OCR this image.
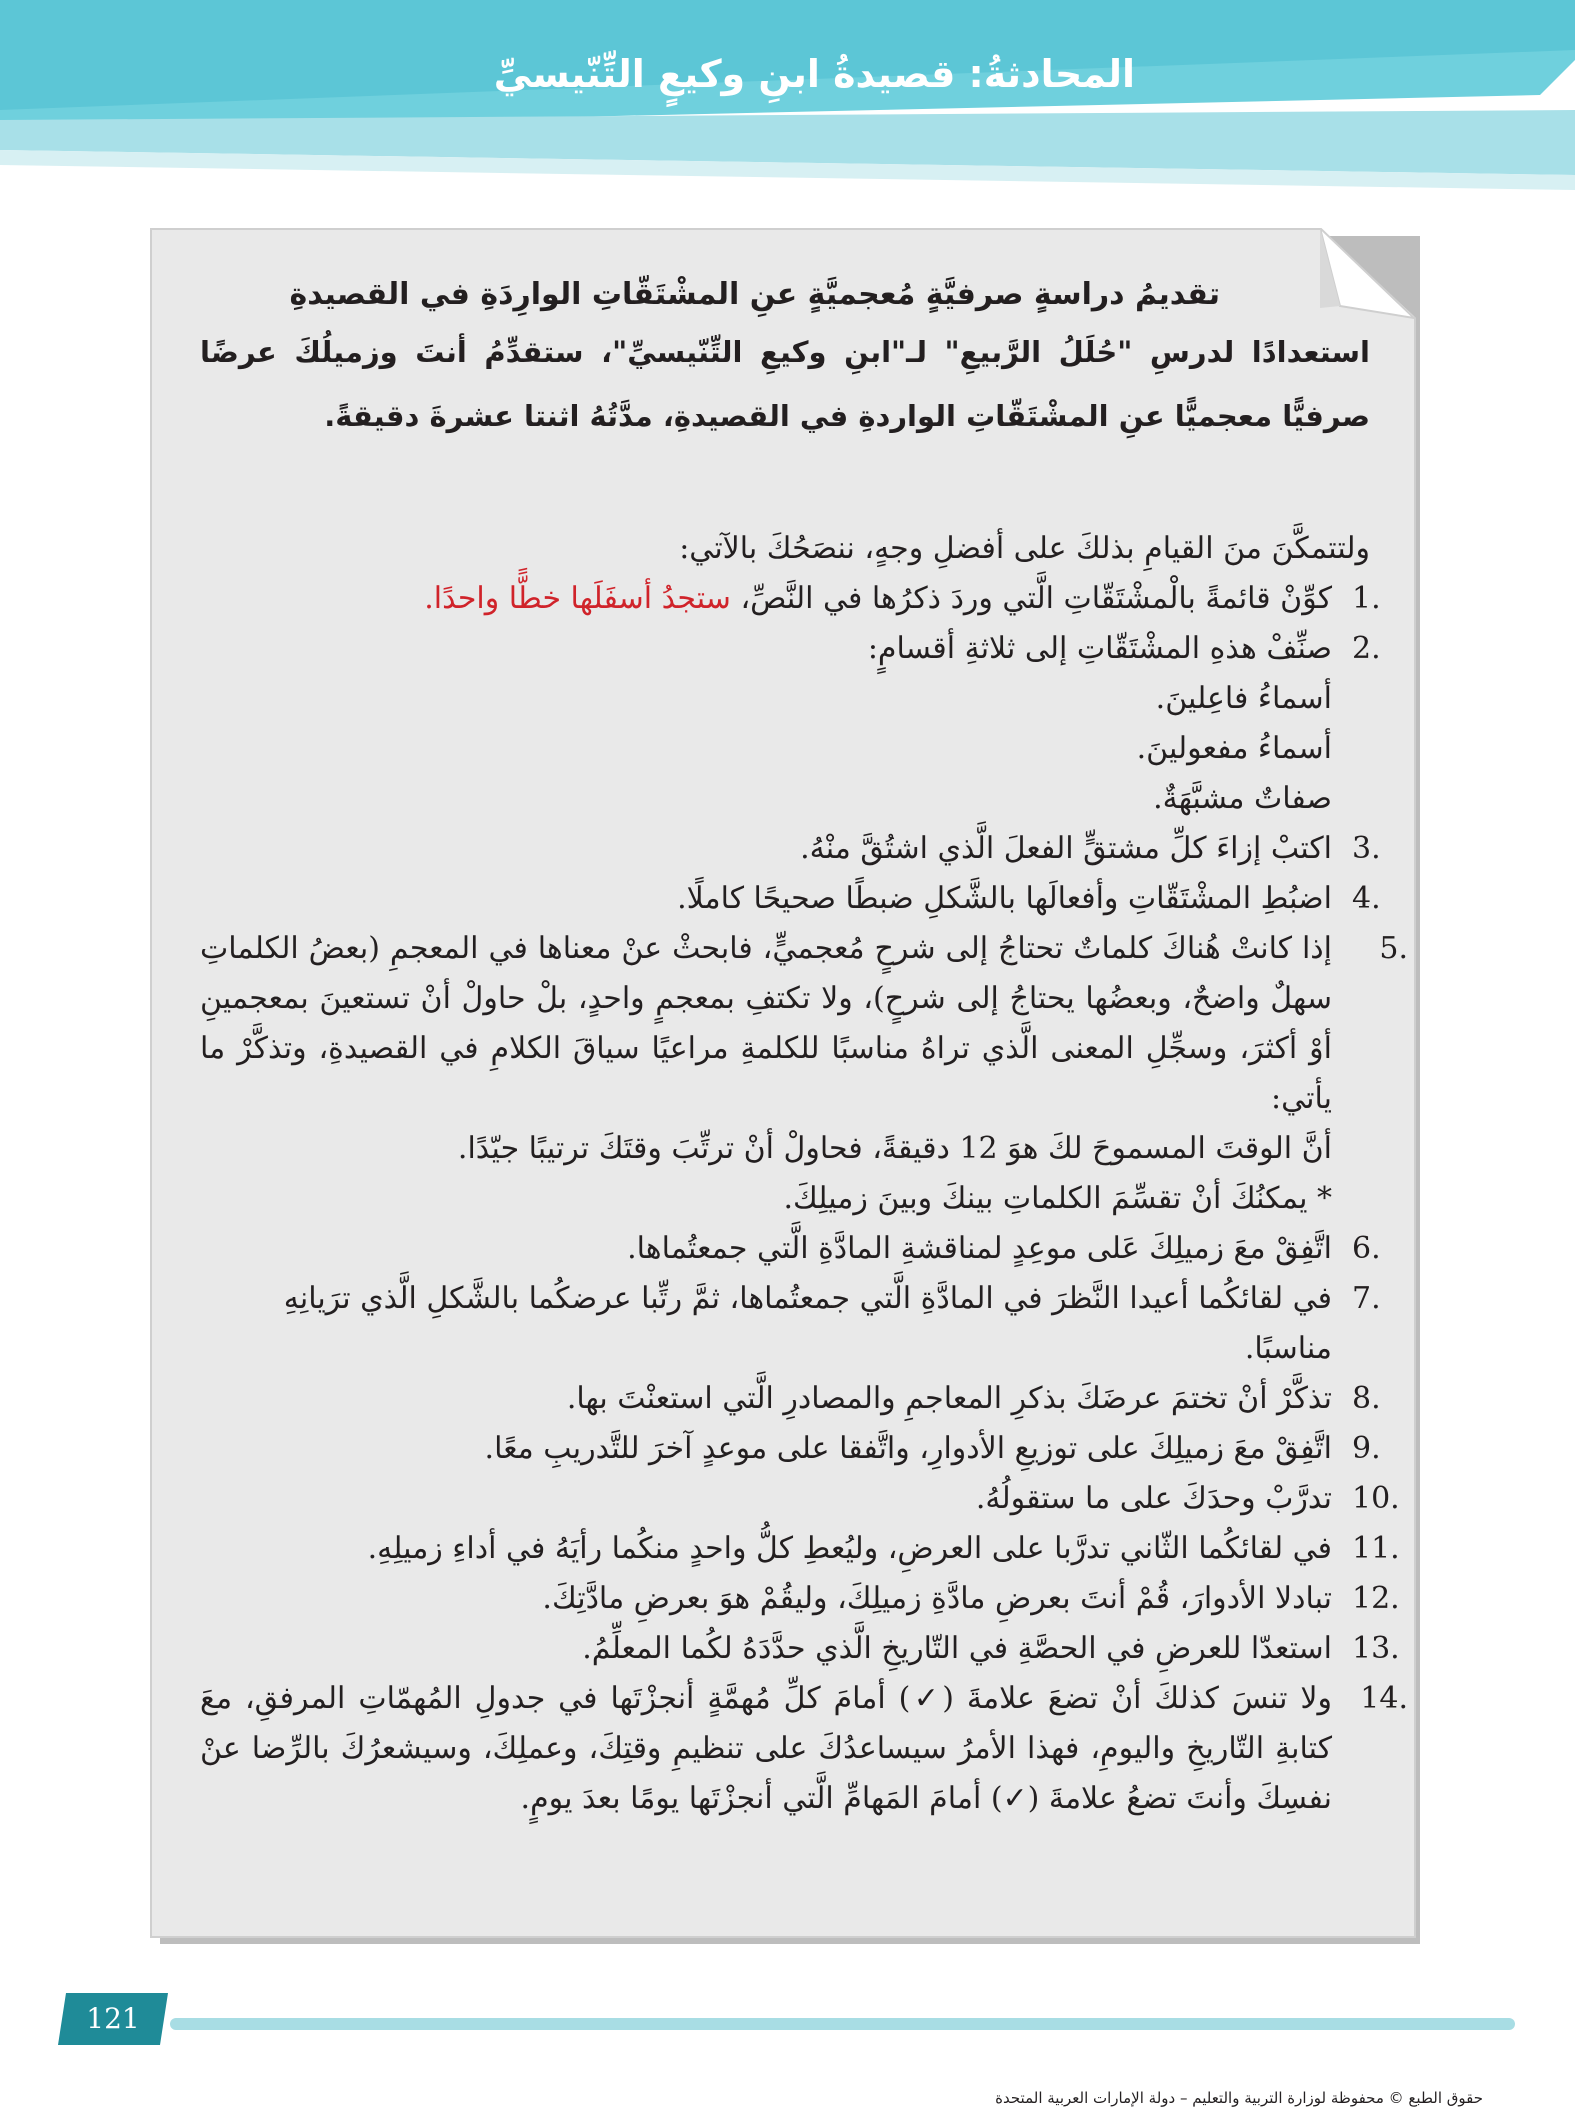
المحادثةُ: قصيدةُ ابنِ وكيعٍ التِّنّيسيِّ

تقديمُ دراسةٍ صرفيَّةٍ مُعجميَّةٍ عنِ المشْتَقّاتِ الوارِدَةِ في القصيدةِ

استعدادًا لدرسِ "حُلَلُ الرَّبيعِ" لـ"ابنِ وكيعِ التِّنّيسيِّ"، ستقدِّمُ أنتَ وزميلُكَ عرضًا صرفيًّا معجميًّا عنِ المشْتَقّاتِ الواردةِ في القصيدةِ، مدَّتُهُ اثنتا عشرةَ دقيقةً.

ولتتمكَّنَ منَ القيامِ بذلكَ على أفضلِ وجهٍ، ننصَحُكَ بالآتي:

1.
كوِّنْ قائمةً بالْمشْتَقّاتِ الَّتي وردَ ذكرُها في النَّصِّ، ستجدُ أسفَلَها خطًّا واحدًا.
2.
صنِّفْ هذهِ المشْتَقّاتِ إلى ثلاثةِ أقسامٍ:
أسماءُ فاعِلينَ.
أسماءُ مفعولينَ.
صفاتٌ مشبَّهَةٌ.
3.
اكتبْ إزاءَ كلِّ مشتقٍّ الفعلَ الَّذي اشتُقَّ منْهُ.
4.
اضبُطِ المشْتَقّاتِ وأفعالَها بالشَّكلِ ضبطًا صحيحًا كاملًا.
5.
إذا كانتْ هُناكَ كلماتٌ تحتاجُ إلى شرحٍ مُعجميٍّ، فابحثْ عنْ معناها في المعجمِ (بعضُ الكلماتِ سهلٌ واضحٌ، وبعضُها يحتاجُ إلى شرحٍ)، ولا تكتفِ بمعجمٍ واحدٍ، بلْ حاولْ أنْ تستعينَ بمعجمينِ أوْ أكثرَ، وسجِّلِ المعنى الَّذي تراهُ مناسبًا للكلمةِ مراعيًا سياقَ الكلامِ في القصيدةِ، وتذكَّرْ ما يأتي:
أنَّ الوقتَ المسموحَ لكَ هوَ 12 دقيقةً، فحاولْ أنْ ترتِّبَ وقتَكَ ترتيبًا جيّدًا.
* يمكنُكَ أنْ تقسِّمَ الكلماتِ بينكَ وبينَ زميلِكَ.
6.
اتَّفِقْ معَ زميلِكَ عَلى موعِدٍ لمناقشةِ المادَّةِ الَّتي جمعتُماها.
7.
في لقائكُما أعيدا النَّظرَ في المادَّةِ الَّتي جمعتُماها، ثمَّ رتِّبا عرضكُما بالشَّكلِ الَّذي ترَيانِهِ مناسبًا.
8.
تذكَّرْ أنْ تختمَ عرضَكَ بذكرِ المعاجمِ والمصادرِ الَّتي استعنْتَ بها.
9.
اتَّفِقْ معَ زميلِكَ على توزيعِ الأدوارِ، واتَّفقا على موعدٍ آخرَ للتَّدريبِ معًا.
10.
تدرَّبْ وحدَكَ على ما ستقولُهُ.
11.
في لقائكُما الثّاني تدرَّبا على العرضِ، وليُعطِ كلُّ واحدٍ منكُما رأيَهُ في أداءِ زميلِهِ.
12.
تبادلا الأدوارَ، قُمْ أنتَ بعرضِ مادَّةِ زميلِكَ، وليقُمْ هوَ بعرضِ مادَّتِكَ.
13.
استعدّا للعرضِ في الحصَّةِ في التّاريخِ الَّذي حدَّدَهُ لكُما المعلِّمُ.
14.
ولا تنسَ كذلكَ أنْ تضعَ علامةَ (✓) أمامَ كلِّ مُهمَّةٍ أنجزْتَها في جدولِ المُهمّاتِ المرفقِ، معَ كتابةِ التّاريخِ واليومِ، فهذا الأمرُ سيساعدُكَ على تنظيمِ وقتِكَ، وعملِكَ، وسيشعرُكَ بالرِّضا عنْ نفسِكَ وأنتَ تضعُ علامةَ (✓) أمامَ المَهامِّ الَّتي أنجزْتَها يومًا بعدَ يومٍ.
121
حقوق الطبع © محفوظة لوزارة التربية والتعليم – دولة الإمارات العربية المتحدة
